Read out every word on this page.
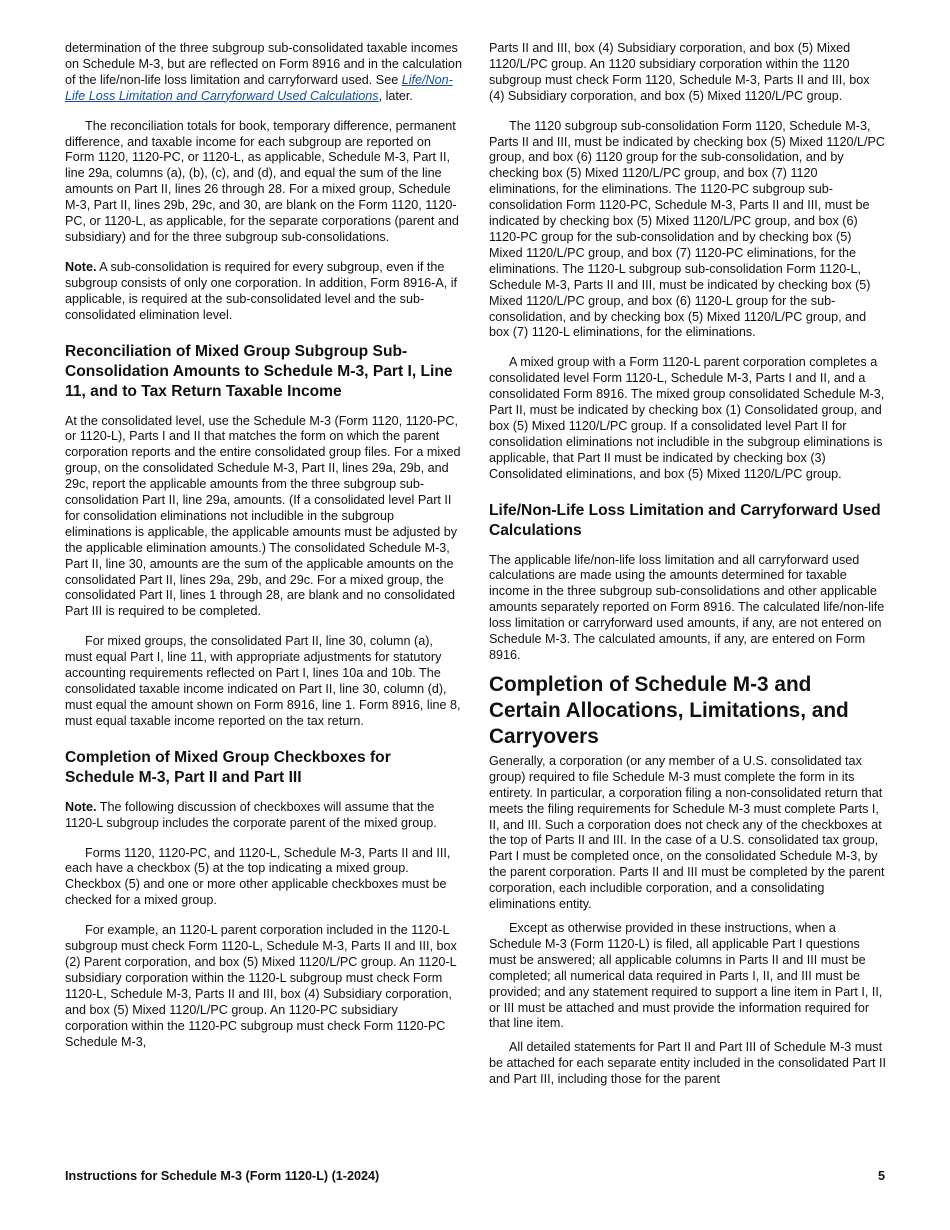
determination of the three subgroup sub-consolidated taxable incomes on Schedule M-3, but are reflected on Form 8916 and in the calculation of the life/non-life loss limitation and carryforward used. See Life/Non-Life Loss Limitation and Carryforward Used Calculations, later.

The reconciliation totals for book, temporary difference, permanent difference, and taxable income for each subgroup are reported on Form 1120, 1120-PC, or 1120-L, as applicable, Schedule M-3, Part II, line 29a, columns (a), (b), (c), and (d), and equal the sum of the line amounts on Part II, lines 26 through 28. For a mixed group, Schedule M-3, Part II, lines 29b, 29c, and 30, are blank on the Form 1120, 1120-PC, or 1120-L, as applicable, for the separate corporations (parent and subsidiary) and for the three subgroup sub-consolidations.

Note. A sub-consolidation is required for every subgroup, even if the subgroup consists of only one corporation. In addition, Form 8916-A, if applicable, is required at the sub-consolidated level and the sub-consolidated elimination level.

Reconciliation of Mixed Group Subgroup Sub-Consolidation Amounts to Schedule M-3, Part I, Line 11, and to Tax Return Taxable Income

At the consolidated level, use the Schedule M-3 (Form 1120, 1120-PC, or 1120-L), Parts I and II that matches the form on which the parent corporation reports and the entire consolidated group files. For a mixed group, on the consolidated Schedule M-3, Part II, lines 29a, 29b, and 29c, report the applicable amounts from the three subgroup sub-consolidation Part II, line 29a, amounts. (If a consolidated level Part II for consolidation eliminations not includible in the subgroup eliminations is applicable, the applicable amounts must be adjusted by the applicable elimination amounts.) The consolidated Schedule M-3, Part II, line 30, amounts are the sum of the applicable amounts on the consolidated Part II, lines 29a, 29b, and 29c. For a mixed group, the consolidated Part II, lines 1 through 28, are blank and no consolidated Part III is required to be completed.

For mixed groups, the consolidated Part II, line 30, column (a), must equal Part I, line 11, with appropriate adjustments for statutory accounting requirements reflected on Part I, lines 10a and 10b. The consolidated taxable income indicated on Part II, line 30, column (d), must equal the amount shown on Form 8916, line 1. Form 8916, line 8, must equal taxable income reported on the tax return.

Completion of Mixed Group Checkboxes for Schedule M-3, Part II and Part III

Note. The following discussion of checkboxes will assume that the 1120-L subgroup includes the corporate parent of the mixed group.

Forms 1120, 1120-PC, and 1120-L, Schedule M-3, Parts II and III, each have a checkbox (5) at the top indicating a mixed group. Checkbox (5) and one or more other applicable checkboxes must be checked for a mixed group.

For example, an 1120-L parent corporation included in the 1120-L subgroup must check Form 1120-L, Schedule M-3, Parts II and III, box (2) Parent corporation, and box (5) Mixed 1120/L/PC group. An 1120-L subsidiary corporation within the 1120-L subgroup must check Form 1120-L, Schedule M-3, Parts II and III, box (4) Subsidiary corporation, and box (5) Mixed 1120/L/PC group. An 1120-PC subsidiary corporation within the 1120-PC subgroup must check Form 1120-PC Schedule M-3,

Parts II and III, box (4) Subsidiary corporation, and box (5) Mixed 1120/L/PC group. An 1120 subsidiary corporation within the 1120 subgroup must check Form 1120, Schedule M-3, Parts II and III, box (4) Subsidiary corporation, and box (5) Mixed 1120/L/PC group.

The 1120 subgroup sub-consolidation Form 1120, Schedule M-3, Parts II and III, must be indicated by checking box (5) Mixed 1120/L/PC group, and box (6) 1120 group for the sub-consolidation, and by checking box (5) Mixed 1120/L/PC group, and box (7) 1120 eliminations, for the eliminations. The 1120-PC subgroup sub-consolidation Form 1120-PC, Schedule M-3, Parts II and III, must be indicated by checking box (5) Mixed 1120/L/PC group, and box (6) 1120-PC group for the sub-consolidation and by checking box (5) Mixed 1120/L/PC group, and box (7) 1120-PC eliminations, for the eliminations. The 1120-L subgroup sub-consolidation Form 1120-L, Schedule M-3, Parts II and III, must be indicated by checking box (5) Mixed 1120/L/PC group, and box (6) 1120-L group for the sub-consolidation, and by checking box (5) Mixed 1120/L/PC group, and box (7) 1120-L eliminations, for the eliminations.

A mixed group with a Form 1120-L parent corporation completes a consolidated level Form 1120-L, Schedule M-3, Parts I and II, and a consolidated Form 8916. The mixed group consolidated Schedule M-3, Part II, must be indicated by checking box (1) Consolidated group, and box (5) Mixed 1120/L/PC group. If a consolidated level Part II for consolidation eliminations not includible in the subgroup eliminations is applicable, that Part II must be indicated by checking box (3) Consolidated eliminations, and box (5) Mixed 1120/L/PC group.

Life/Non-Life Loss Limitation and Carryforward Used Calculations

The applicable life/non-life loss limitation and all carryforward used calculations are made using the amounts determined for taxable income in the three subgroup sub-consolidations and other applicable amounts separately reported on Form 8916. The calculated life/non-life loss limitation or carryforward used amounts, if any, are not entered on Schedule M-3. The calculated amounts, if any, are entered on Form 8916.

Completion of Schedule M-3 and Certain Allocations, Limitations, and Carryovers

Generally, a corporation (or any member of a U.S. consolidated tax group) required to file Schedule M-3 must complete the form in its entirety. In particular, a corporation filing a non-consolidated return that meets the filing requirements for Schedule M-3 must complete Parts I, II, and III. Such a corporation does not check any of the checkboxes at the top of Parts II and III. In the case of a U.S. consolidated tax group, Part I must be completed once, on the consolidated Schedule M-3, by the parent corporation. Parts II and III must be completed by the parent corporation, each includible corporation, and a consolidating eliminations entity.

Except as otherwise provided in these instructions, when a Schedule M-3 (Form 1120-L) is filed, all applicable Part I questions must be answered; all applicable columns in Parts II and III must be completed; all numerical data required in Parts I, II, and III must be provided; and any statement required to support a line item in Part I, II, or III must be attached and must provide the information required for that line item.

All detailed statements for Part II and Part III of Schedule M-3 must be attached for each separate entity included in the consolidated Part II and Part III, including those for the parent

Instructions for Schedule M-3 (Form 1120-L) (1-2024)	5
